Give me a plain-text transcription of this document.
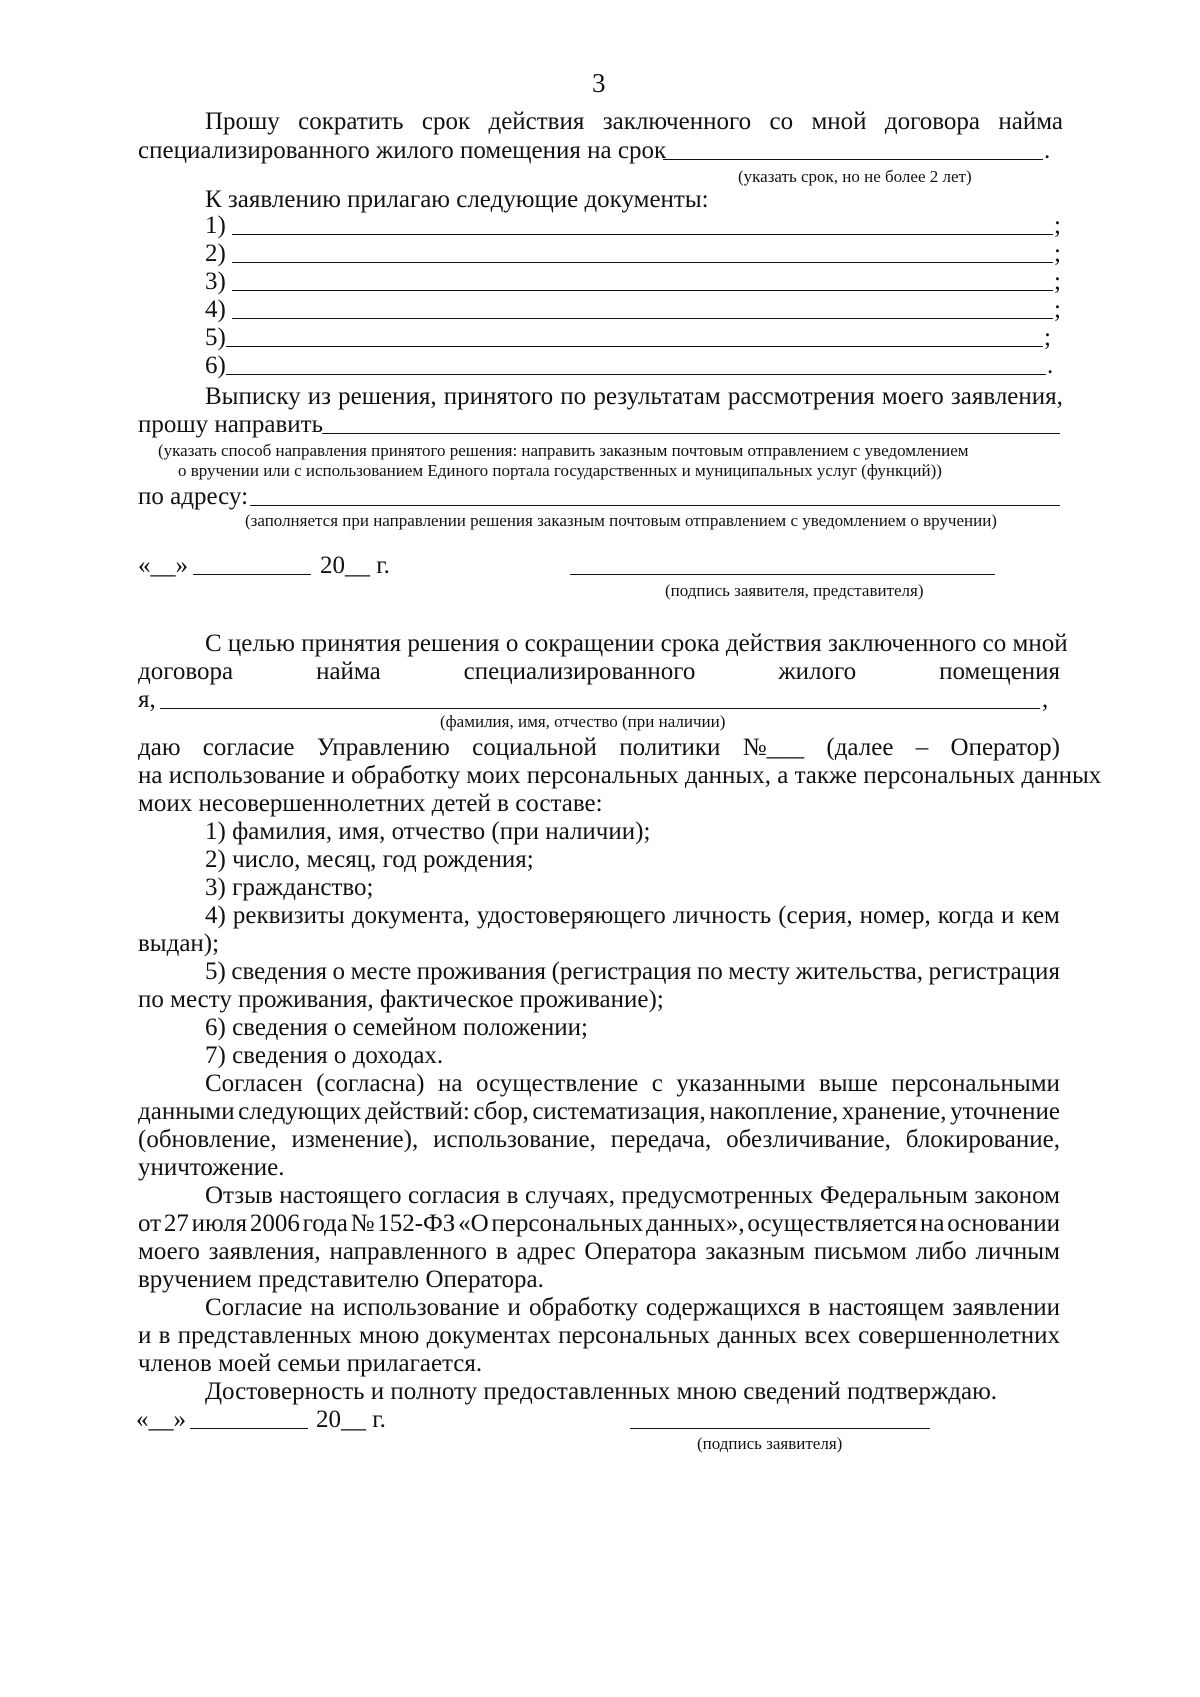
3
Прошу сократить срок действия заключенного со мной договора найма
специализированного жилого помещения на срок	.
(указать срок, но не более 2 лет)
К заявлению прилагаю следующие документы:
1)	;
2)	;
3)	;
4)	;
5)	;
6)	.
Выписку из решения, принятого по результатам рассмотрения моего заявления,
прошу направить
(указать способ направления принятого решения: направить заказным почтовым отправлением с уведомлением
о вручении или с использованием Единого портала государственных и муниципальных услуг (функций))
по адресу:
(заполняется при направлении решения заказным почтовым отправлением с уведомлением о вручении)
«__»	20__ г.
(подпись заявителя, представителя)
С целью принятия решения о сокращении срока действия заключенного со мной
договора	найма	специализированного	жилого	помещения
я,	,
(фамилия, имя, отчество (при наличии)
даю согласие Управлению социальной политики №___ (далее – Оператор)
на использование и обработку моих персональных данных, а также персональных данных
моих несовершеннолетних детей в составе:
1) фамилия, имя, отчество (при наличии);
2) число, месяц, год рождения;
3) гражданство;
4) реквизиты документа, удостоверяющего личность (серия, номер, когда и кем
выдан);
5) сведения о месте проживания (регистрация по месту жительства, регистрация
по месту проживания, фактическое проживание);
6) сведения о семейном положении;
7) сведения о доходах.
Согласен (согласна) на осуществление с указанными выше персональными
данными следующих действий: сбор, систематизация, накопление, хранение, уточнение
(обновление, изменение), использование, передача, обезличивание, блокирование,
уничтожение.
Отзыв настоящего согласия в случаях, предусмотренных Федеральным законом
от 27 июля 2006 года № 152-ФЗ «О персональных данных», осуществляется на основании
моего заявления, направленного в адрес Оператора заказным письмом либо личным
вручением представителю Оператора.
Согласие на использование и обработку содержащихся в настоящем заявлении
и в представленных мною документах персональных данных всех совершеннолетних
членов моей семьи прилагается.
Достоверность и полноту предоставленных мною сведений подтверждаю.
«__»	20__ г.
(подпись заявителя)
